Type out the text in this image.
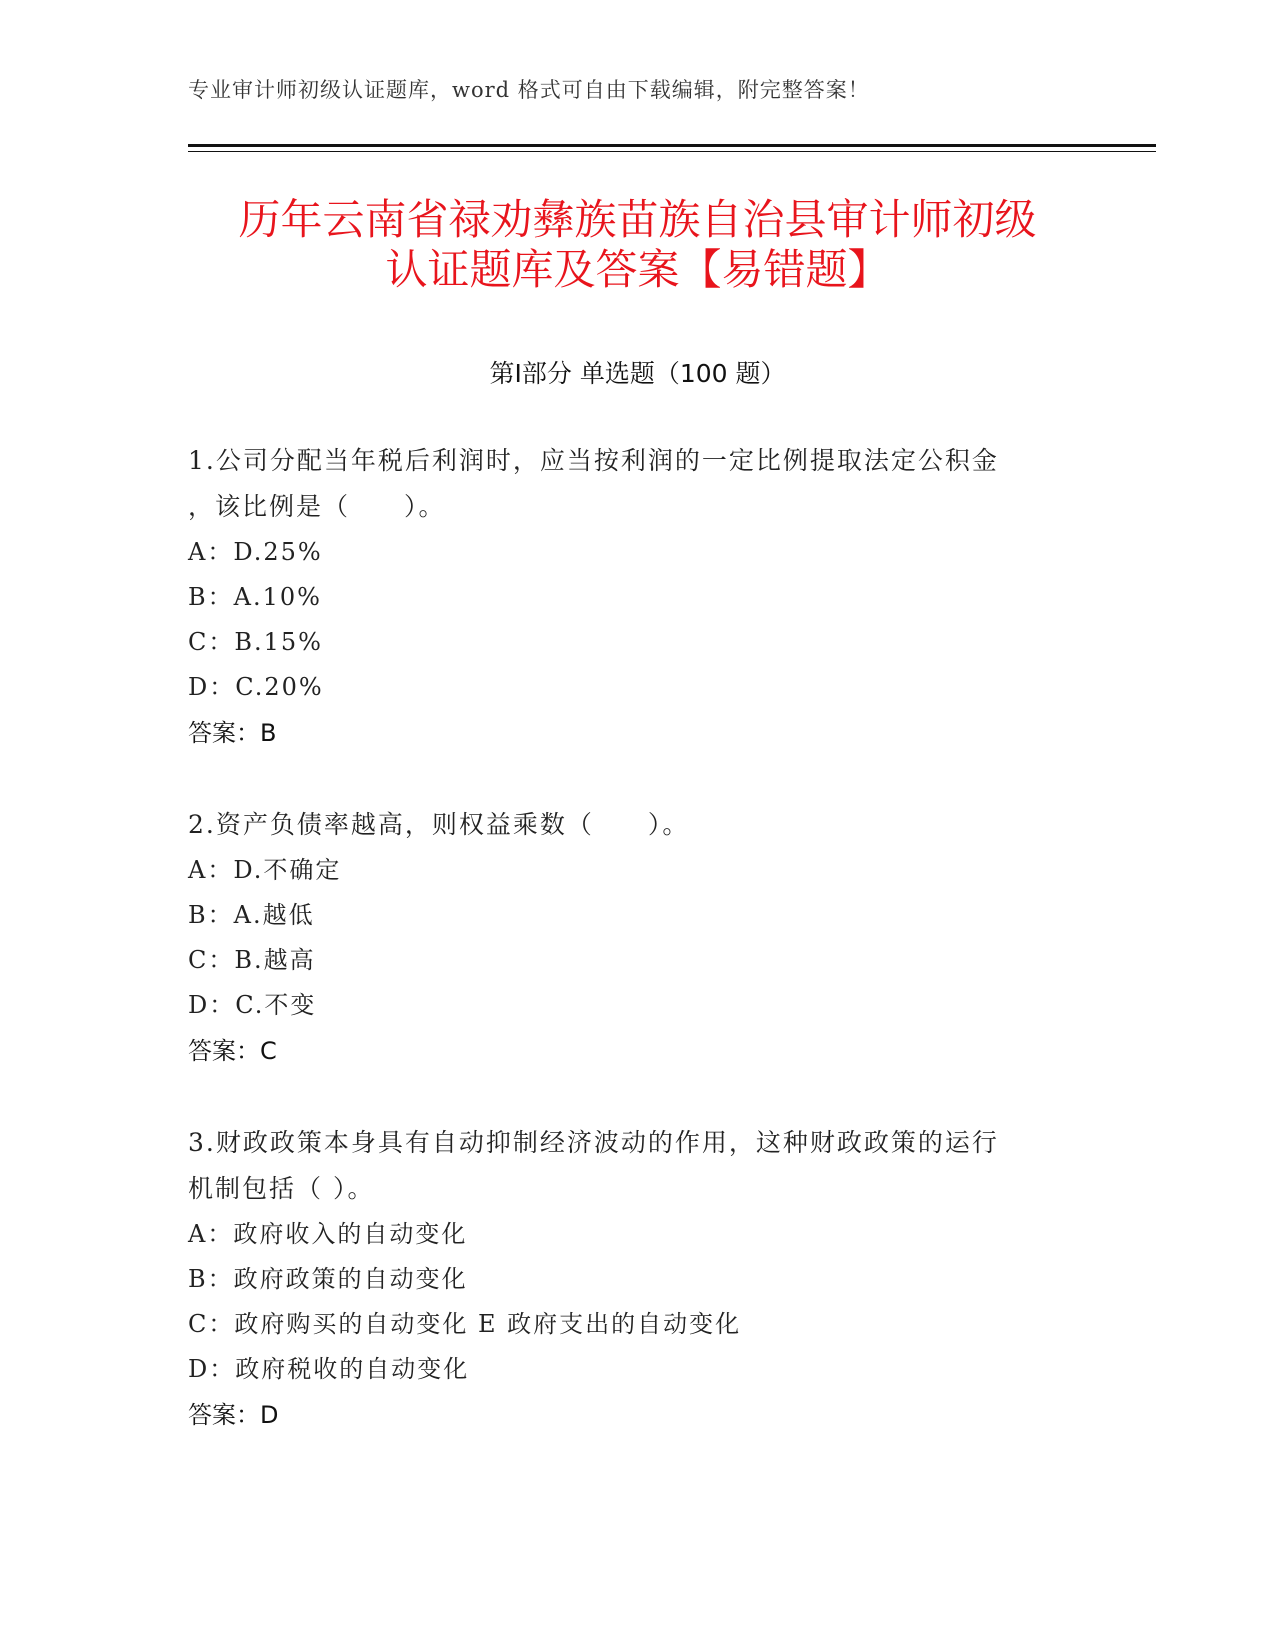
专业审计师初级认证题库，word 格式可自由下载编辑，附完整答案！
历年云南省禄劝彝族苗族自治县审计师初级
认证题库及答案【易错题】
第Ⅰ部分 单选题（100 题）
1.公司分配当年税后利润时，应当按利润的一定比例提取法定公积金
，该比例是（　　）。
A：D.25%
B：A.10%
C：B.15%
D：C.20%
答案：B
2.资产负债率越高，则权益乘数（　　）。
A：D.不确定
B：A.越低
C：B.越高
D：C.不变
答案：C
3.财政政策本身具有自动抑制经济波动的作用，这种财政政策的运行
机制包括（ ）。
A：政府收入的自动变化
B：政府政策的自动变化
C：政府购买的自动变化 E 政府支出的自动变化
D：政府税收的自动变化
答案：D
